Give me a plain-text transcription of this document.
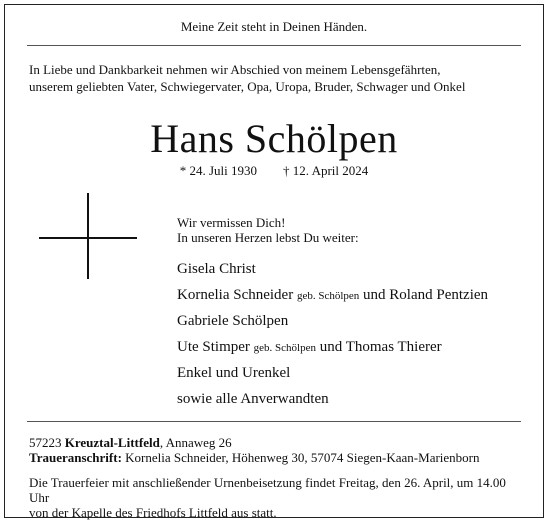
Meine Zeit steht in Deinen Händen.
In Liebe und Dankbarkeit nehmen wir Abschied von meinem Lebensgefährten,
unserem geliebten Vater, Schwiegervater, Opa, Uropa, Bruder, Schwager und Onkel
Hans Schölpen
* 24. Juli 1930 † 12. April 2024
Wir vermissen Dich!
In unseren Herzen lebst Du weiter:
Gisela Christ
Kornelia Schneider geb. Schölpen und Roland Pentzien
Gabriele Schölpen
Ute Stimper geb. Schölpen und Thomas Thierer
Enkel und Urenkel
sowie alle Anverwandten
57223 Kreuztal-Littfeld, Annaweg 26
Traueranschrift: Kornelia Schneider, Höhenweg 30, 57074 Siegen-Kaan-Marienborn
Die Trauerfeier mit anschließender Urnenbeisetzung findet Freitag, den 26. April, um 14.00 Uhr
von der Kapelle des Friedhofs Littfeld aus statt.
